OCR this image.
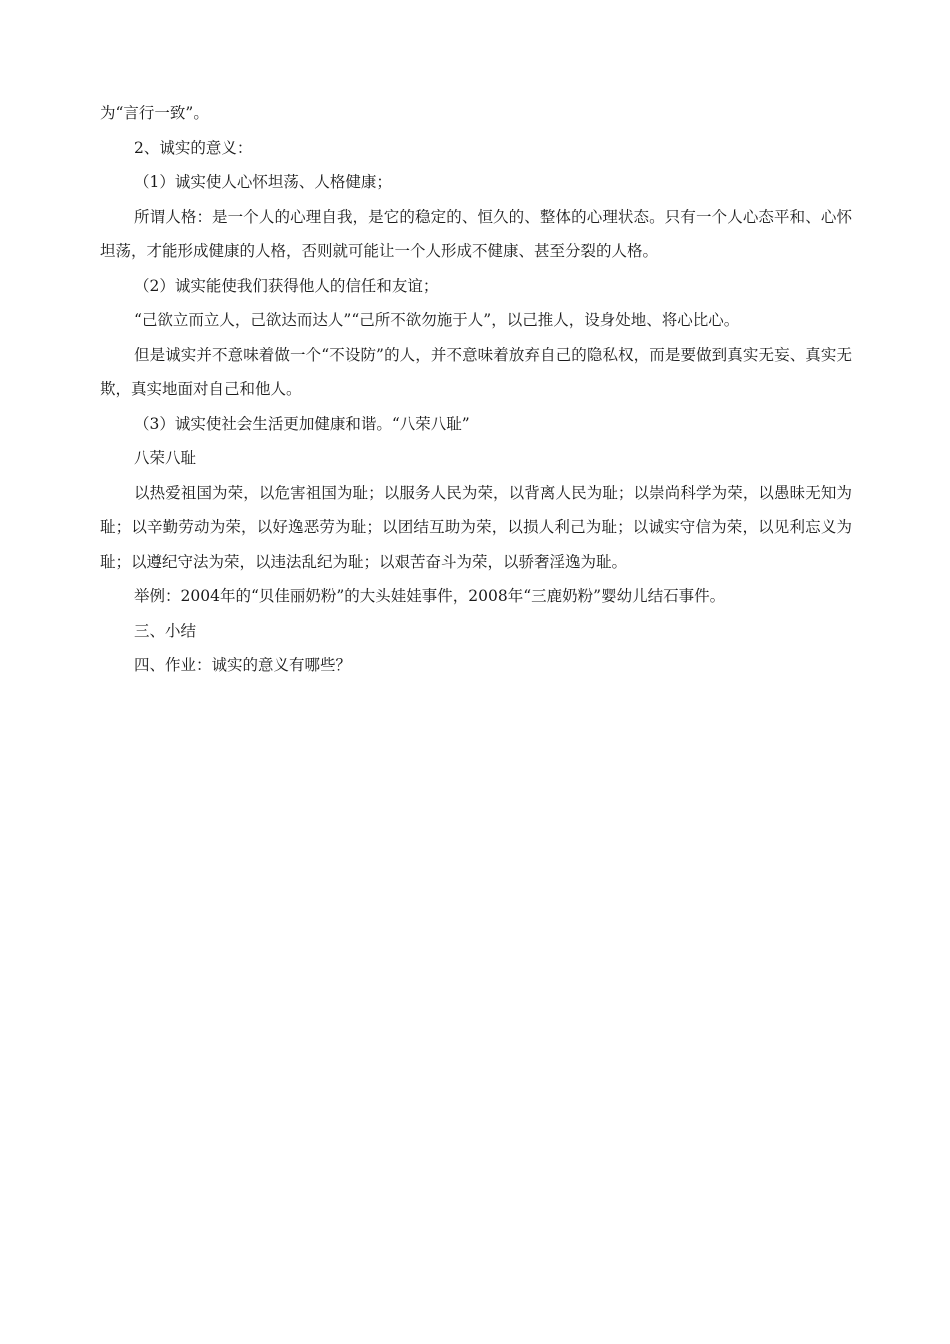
为“言行一致”。

2、诚实的意义：

（1）诚实使人心怀坦荡、人格健康；

所谓人格：是一个人的心理自我，是它的稳定的、恒久的、整体的心理状态。只有一个人心态平和、心怀坦荡，才能形成健康的人格，否则就可能让一个人形成不健康、甚至分裂的人格。

（2）诚实能使我们获得他人的信任和友谊；

“己欲立而立人，己欲达而达人”“己所不欲勿施于人”，以己推人，设身处地、将心比心。

但是诚实并不意味着做一个“不设防”的人，并不意味着放弃自己的隐私权，而是要做到真实无妄、真实无欺，真实地面对自己和他人。

（3）诚实使社会生活更加健康和谐。“八荣八耻”

八荣八耻

以热爱祖国为荣，以危害祖国为耻；以服务人民为荣，以背离人民为耻；以崇尚科学为荣，以愚昧无知为耻；以辛勤劳动为荣，以好逸恶劳为耻；以团结互助为荣，以损人利己为耻；以诚实守信为荣，以见利忘义为耻；以遵纪守法为荣，以违法乱纪为耻；以艰苦奋斗为荣，以骄奢淫逸为耻。

举例：2004年的“贝佳丽奶粉”的大头娃娃事件，2008年“三鹿奶粉”婴幼儿结石事件。

三、小结

四、作业：诚实的意义有哪些？
